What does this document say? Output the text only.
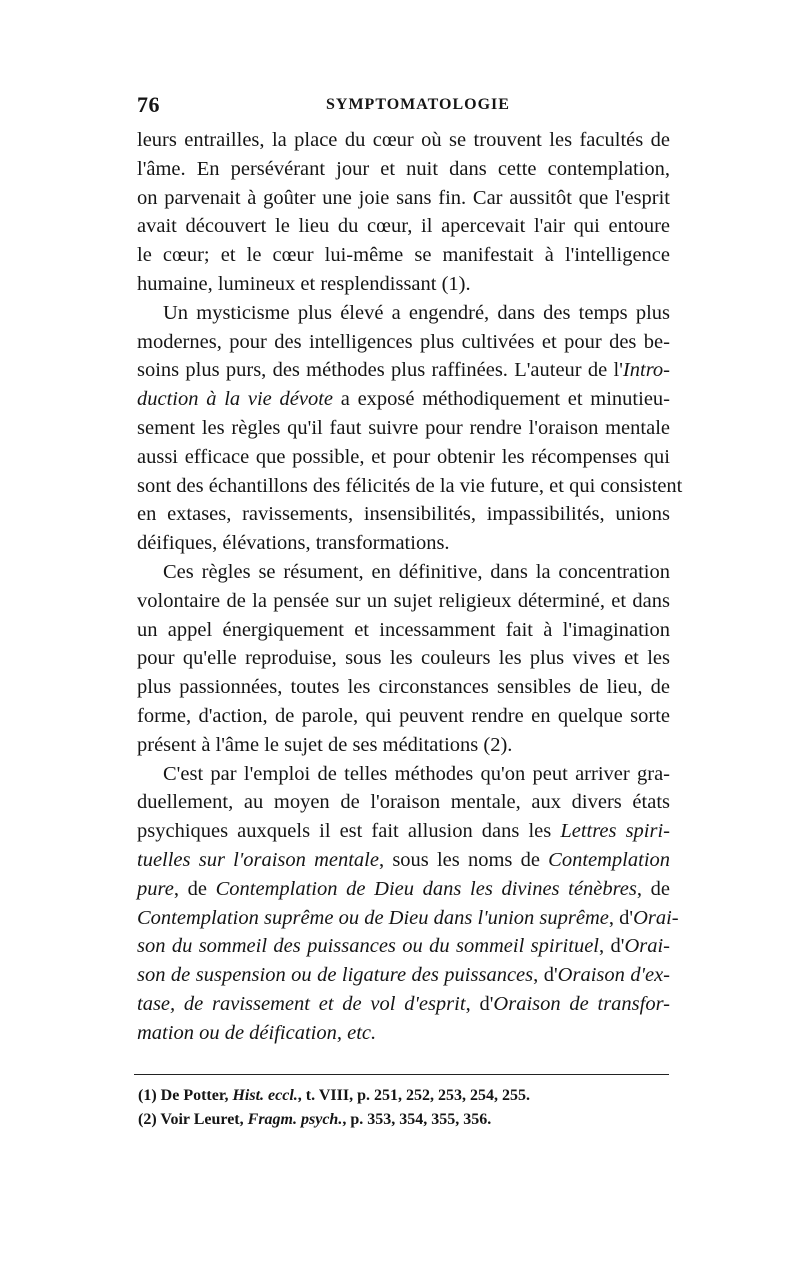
76	SYMPTOMATOLOGIE
leurs entrailles, la place du cœur où se trouvent les facultés de
l'âme. En persévérant jour et nuit dans cette contemplation,
on parvenait à goûter une joie sans fin. Car aussitôt que l'esprit
avait découvert le lieu du cœur, il apercevait l'air qui entoure
le cœur; et le cœur lui-même se manifestait à l'intelligence
humaine, lumineux et resplendissant (1).
Un mysticisme plus élevé a engendré, dans des temps plus
modernes, pour des intelligences plus cultivées et pour des be-
soins plus purs, des méthodes plus raffinées. L'auteur de l'Intro-
duction à la vie dévote a exposé méthodiquement et minutieu-
sement les règles qu'il faut suivre pour rendre l'oraison mentale
aussi efficace que possible, et pour obtenir les récompenses qui
sont des échantillons des félicités de la vie future, et qui consistent
en extases, ravissements, insensibilités, impassibilités, unions
déifiques, élévations, transformations.
Ces règles se résument, en définitive, dans la concentration
volontaire de la pensée sur un sujet religieux déterminé, et dans
un appel énergiquement et incessamment fait à l'imagination
pour qu'elle reproduise, sous les couleurs les plus vives et les
plus passionnées, toutes les circonstances sensibles de lieu, de
forme, d'action, de parole, qui peuvent rendre en quelque sorte
présent à l'âme le sujet de ses méditations (2).
C'est par l'emploi de telles méthodes qu'on peut arriver gra-
duellement, au moyen de l'oraison mentale, aux divers états
psychiques auxquels il est fait allusion dans les Lettres spiri-
tuelles sur l'oraison mentale, sous les noms de Contemplation
pure, de Contemplation de Dieu dans les divines ténèbres, de
Contemplation suprême ou de Dieu dans l'union suprême, d'Orai-
son du sommeil des puissances ou du sommeil spirituel, d'Orai-
son de suspension ou de ligature des puissances, d'Oraison d'ex-
tase, de ravissement et de vol d'esprit, d'Oraison de transfor-
mation ou de déification, etc.
(1) De Potter, Hist. eccl., t. VIII, p. 251, 252, 253, 254, 255.
(2) Voir Leuret, Fragm. psych., p. 353, 354, 355, 356.
